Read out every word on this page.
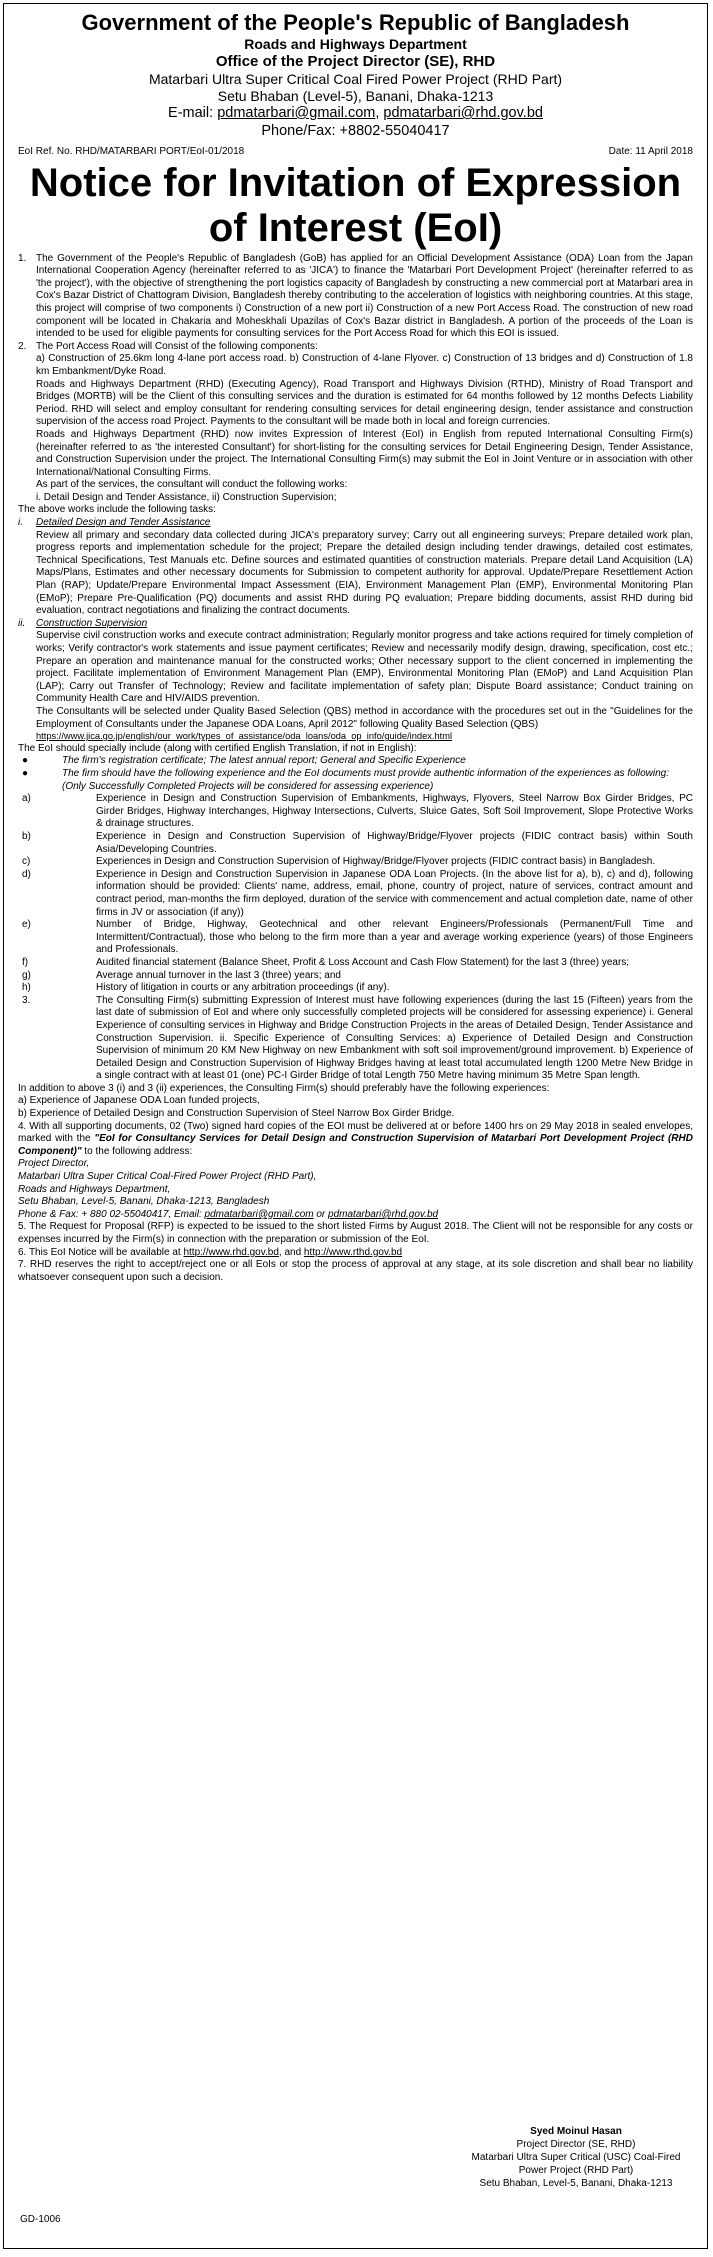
Government of the People's Republic of Bangladesh
Roads and Highways Department
Office of the Project Director (SE), RHD
Matarbari Ultra Super Critical Coal Fired Power Project (RHD Part)
Setu Bhaban (Level-5), Banani, Dhaka-1213
E-mail: pdmatarbari@gmail.com, pdmatarbari@rhd.gov.bd
Phone/Fax: +8802-55040417
EoI Ref. No. RHD/MATARBARI PORT/EoI-01/2018	Date: 11 April 2018
Notice for Invitation of Expression
of Interest (EoI)
1. The Government of the People's Republic of Bangladesh (GoB) has applied for an Official Development Assistance (ODA) Loan from the Japan International Cooperation Agency (hereinafter referred to as 'JICA') to finance the 'Matarbari Port Development Project' (hereinafter referred to as 'the project'), with the objective of strengthening the port logistics capacity of Bangladesh by constructing a new commercial port at Matarbari area in Cox's Bazar District of Chattogram Division, Bangladesh thereby contributing to the acceleration of logistics with neighboring countries. At this stage, this project will comprise of two components i) Construction of a new port ii) Construction of a new Port Access Road. The construction of new road component will be located in Chakaria and Moheskhali Upazilas of Cox's Bazar district in Bangladesh. A portion of the proceeds of the Loan is intended to be used for eligible payments for consulting services for the Port Access Road for which this EOI is issued.
2. The Port Access Road will Consist of the following components:

a) Construction of 25.6km long 4-lane port access road. b) Construction of 4-lane Flyover. c) Construction of 13 bridges and d) Construction of 1.8 km Embankment/Dyke Road.

Roads and Highways Department (RHD) (Executing Agency), Road Transport and Highways Division (RTHD), Ministry of Road Transport and Bridges (MORTB) will be the Client of this consulting services and the duration is estimated for 64 months followed by 12 months Defects Liability Period. RHD will select and employ consultant for rendering consulting services for detail engineering design, tender assistance and construction supervision of the access road Project. Payments to the consultant will be made both in local and foreign currencies.

Roads and Highways Department (RHD) now invites Expression of Interest (EoI) in English from reputed International Consulting Firm(s) (hereinafter referred to as 'the interested Consultant') for short-listing for the consulting services for Detail Engineering Design, Tender Assistance, and Construction Supervision under the project. The International Consulting Firm(s) may submit the EoI in Joint Venture or in association with other International/National Consulting Firms.

As part of the services, the consultant will conduct the following works:

i. Detail Design and Tender Assistance, ii) Construction Supervision;

The above works include the following tasks:

i.	Detailed Design and Tender Assistance

Review all primary and secondary data collected during JICA's preparatory survey; Carry out all engineering surveys; Prepare detailed work plan, progress reports and implementation schedule for the project; Prepare the detailed design including tender drawings, detailed cost estimates, Technical Specifications, Test Manuals etc. Define sources and estimated quantities of construction materials. Prepare detail Land Acquisition (LA) Maps/Plans, Estimates and other necessary documents for Submission to competent authority for approval. Update/Prepare Resettlement Action Plan (RAP); Update/Prepare Environmental Impact Assessment (EIA), Environment Management Plan (EMP), Environmental Monitoring Plan (EMoP); Prepare Pre-Qualification (PQ) documents and assist RHD during PQ evaluation; Prepare bidding documents, assist RHD during bid evaluation, contract negotiations and finalizing the contract documents.

ii.	Construction Supervision

Supervise civil construction works and execute contract administration; Regularly monitor progress and take actions required for timely completion of works; Verify contractor's work statements and issue payment certificates; Review and necessarily modify design, drawing, specification, cost etc.; Prepare an operation and maintenance manual for the constructed works; Other necessary support to the client concerned in implementing the project. Facilitate implementation of Environment Management Plan (EMP), Environmental Monitoring Plan (EMoP) and Land Acquisition Plan (LAP); Carry out Transfer of Technology; Review and facilitate implementation of safety plan; Dispute Board assistance; Conduct training on Community Health Care and HIV/AIDS prevention.

The Consultants will be selected under Quality Based Selection (QBS) method in accordance with the procedures set out in the "Guidelines for the Employment of Consultants under the Japanese ODA Loans, April 2012" following Quality Based Selection (QBS)

https://www.jica.go.jp/english/our_work/types_of_assistance/oda_loans/oda_op_info/guide/index.html

The EoI should specially include (along with certified English Translation, if not in English):

●	The firm's registration certificate; The latest annual report; General and Specific Experience
●	The firm should have the following experience and the EoI documents must provide authentic information of the experiences as following: (Only Successfully Completed Projects will be considered for assessing experience)
a)	Experience in Design and Construction Supervision of Embankments, Highways, Flyovers, Steel Narrow Box Girder Bridges, PC Girder Bridges, Highway Interchanges, Highway Intersections, Culverts, Sluice Gates, Soft Soil Improvement, Slope Protective Works & drainage structures.
b)	Experience in Design and Construction Supervision of Highway/Bridge/Flyover projects (FIDIC contract basis) within South Asia/Developing Countries.
c)	Experiences in Design and Construction Supervision of Highway/Bridge/Flyover projects (FIDIC contract basis) in Bangladesh.
d)	Experience in Design and Construction Supervision in Japanese ODA Loan Projects. (In the above list for a), b), c) and d), following information should be provided: Clients' name, address, email, phone, country of project, nature of services, contract amount and contract period, man-months the firm deployed, duration of the service with commencement and actual completion date, name of other firms in JV or association (if any))
e)	Number of Bridge, Highway, Geotechnical and other relevant Engineers/Professionals (Permanent/Full Time and Intermittent/Contractual), those who belong to the firm more than a year and average working experience (years) of those Engineers and Professionals.
f)	Audited financial statement (Balance Sheet, Profit & Loss Account and Cash Flow Statement) for the last 3 (three) years;
g)	Average annual turnover in the last 3 (three) years; and
h)	History of litigation in courts or any arbitration proceedings (if any).
3.	The Consulting Firm(s) submitting Expression of Interest must have following experiences (during the last 15 (Fifteen) years from the last date of submission of EoI and where only successfully completed projects will be considered for assessing experience) i. General Experience of consulting services in Highway and Bridge Construction Projects in the areas of Detailed Design, Tender Assistance and Construction Supervision. ii. Specific Experience of Consulting Services: a) Experience of Detailed Design and Construction Supervision of minimum 20 KM New Highway on new Embankment with soft soil improvement/ground improvement. b) Experience of Detailed Design and Construction Supervision of Highway Bridges having at least total accumulated length 1200 Metre New Bridge in a single contract with at least 01 (one) PC-I Girder Bridge of total Length 750 Metre having minimum 35 Metre Span length.

In addition to above 3 (i) and 3 (ii) experiences, the Consulting Firm(s) should preferably have the following experiences:

a) Experience of Japanese ODA Loan funded projects,

b) Experience of Detailed Design and Construction Supervision of Steel Narrow Box Girder Bridge.

4. With all supporting documents, 02 (Two) signed hard copies of the EOI must be delivered at or before 1400 hrs on 29 May 2018 in sealed envelopes, marked with the "EoI for Consultancy Services for Detail Design and Construction Supervision of Matarbari Port Development Project (RHD Component)" to the following address:

Project Director,
Matarbari Ultra Super Critical Coal-Fired Power Project (RHD Part),
Roads and Highways Department,
Setu Bhaban, Level-5, Banani, Dhaka-1213, Bangladesh
Phone & Fax: + 880 02-55040417, Email: pdmatarbari@gmail.com or pdmatarbari@rhd.gov.bd

5. The Request for Proposal (RFP) is expected to be issued to the short listed Firms by August 2018. The Client will not be responsible for any costs or expenses incurred by the Firm(s) in connection with the preparation or submission of the EoI.

6. This EoI Notice will be available at http://www.rhd.gov.bd, and http://www.rthd.gov.bd

7. RHD reserves the right to accept/reject one or all EoIs or stop the process of approval at any stage, at its sole discretion and shall bear no liability whatsoever consequent upon such a decision.

Syed Moinul Hasan
Project Director (SE, RHD)
Matarbari Ultra Super Critical (USC) Coal-Fired
Power Project (RHD Part)
Setu Bhaban, Level-5, Banani, Dhaka-1213
GD-1006
